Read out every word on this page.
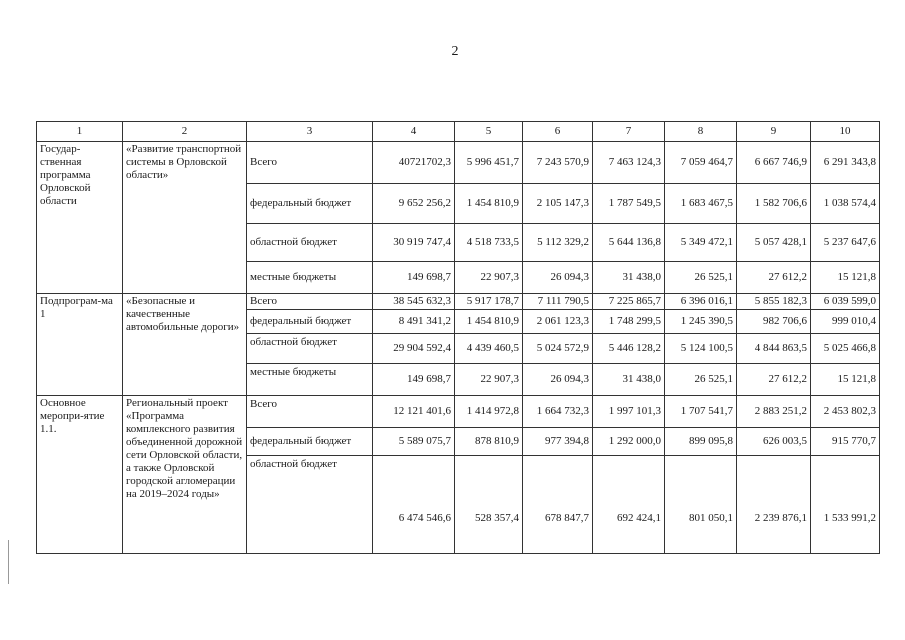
2
1	2	3	4	5	6	7	8	9	10
Государ-ственная программа Орловской области	«Развитие транспортной системы в Орловской области»	Всего	40721702,3	5 996 451,7	7 243 570,9	7 463 124,3	7 059 464,7	6 667 746,9	6 291 343,8
		федеральный бюджет	9 652 256,2	1 454 810,9	2 105 147,3	1 787 549,5	1 683 467,5	1 582 706,6	1 038 574,4
		областной бюджет	30 919 747,4	4 518 733,5	5 112 329,2	5 644 136,8	5 349 472,1	5 057 428,1	5 237 647,6
		местные бюджеты	149 698,7	22 907,3	26 094,3	31 438,0	26 525,1	27 612,2	15 121,8
Подпрограм-ма 1	«Безопасные и качественные автомобильные дороги»	Всего	38 545 632,3	5 917 178,7	7 111 790,5	7 225 865,7	6 396 016,1	5 855 182,3	6 039 599,0
		федеральный бюджет	8 491 341,2	1 454 810,9	2 061 123,3	1 748 299,5	1 245 390,5	982 706,6	999 010,4
		областной бюджет	29 904 592,4	4 439 460,5	5 024 572,9	5 446 128,2	5 124 100,5	4 844 863,5	5 025 466,8
		местные бюджеты	149 698,7	22 907,3	26 094,3	31 438,0	26 525,1	27 612,2	15 121,8
Основное меропри-ятие 1.1.	Региональный проект «Программа комплексного развития объединенной дорожной сети Орловской области, а также Орловской городской агломерации на 2019–2024 годы»	Всего	12 121 401,6	1 414 972,8	1 664 732,3	1 997 101,3	1 707 541,7	2 883 251,2	2 453 802,3
		федеральный бюджет	5 589 075,7	878 810,9	977 394,8	1 292 000,0	899 095,8	626 003,5	915 770,7
		областной бюджет	6 474 546,6	528 357,4	678 847,7	692 424,1	801 050,1	2 239 876,1	1 533 991,2
